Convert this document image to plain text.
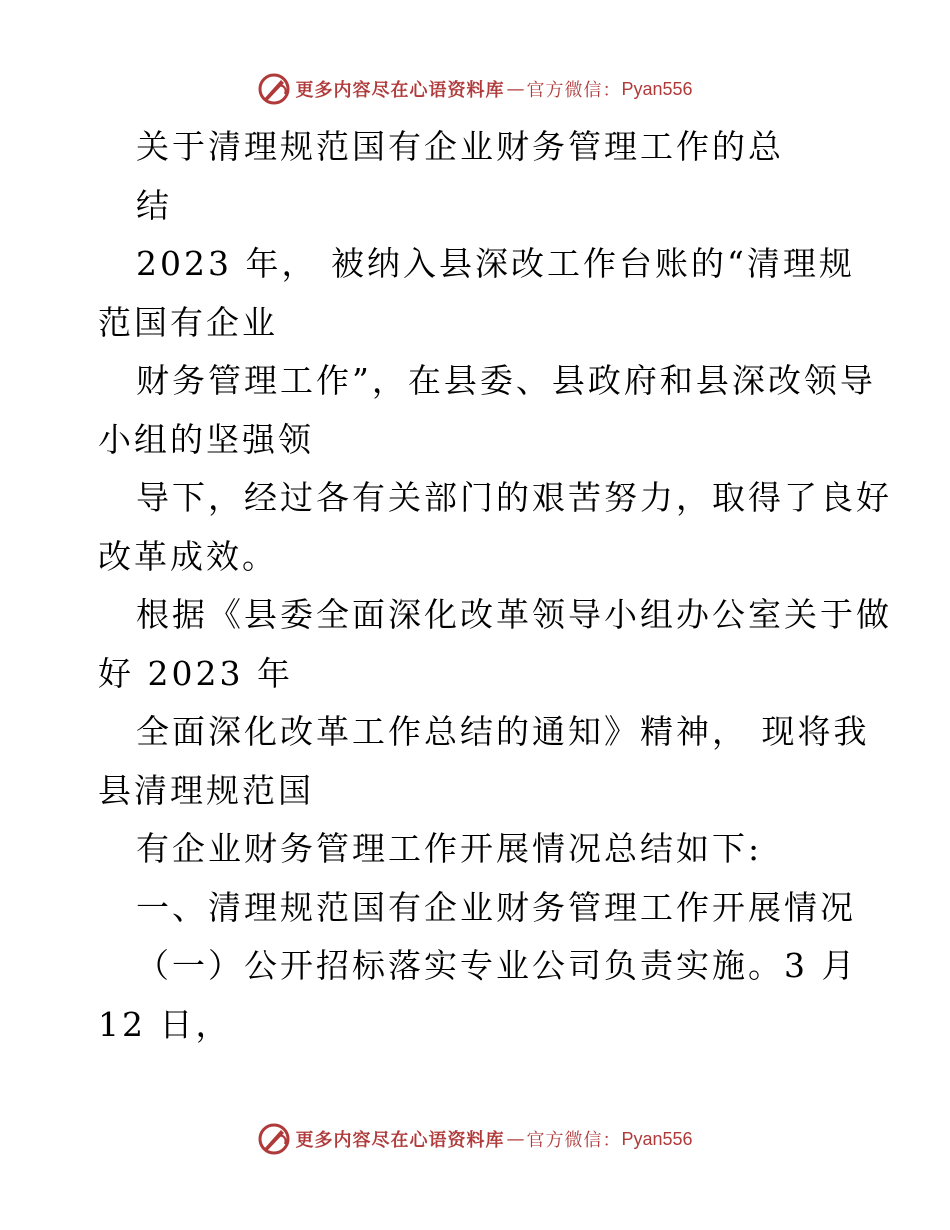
更多内容尽在心语资料库 — 官方微信： Pyan556
关于清理规范国有企业财务管理工作的总
结
2023 年， 被纳入县深改工作台账的“清理规
范国有企业
财务管理工作”，在县委、县政府和县深改领导
小组的坚强领
导下，经过各有关部门的艰苦努力，取得了良好
改革成效。
根据《县委全面深化改革领导小组办公室关于做
好 2023 年
全面深化改革工作总结的通知》精神， 现将我
县清理规范国
有企业财务管理工作开展情况总结如下:
一、清理规范国有企业财务管理工作开展情况
（一）公开招标落实专业公司负责实施。3 月
12 日，
更多内容尽在心语资料库 — 官方微信： Pyan556
